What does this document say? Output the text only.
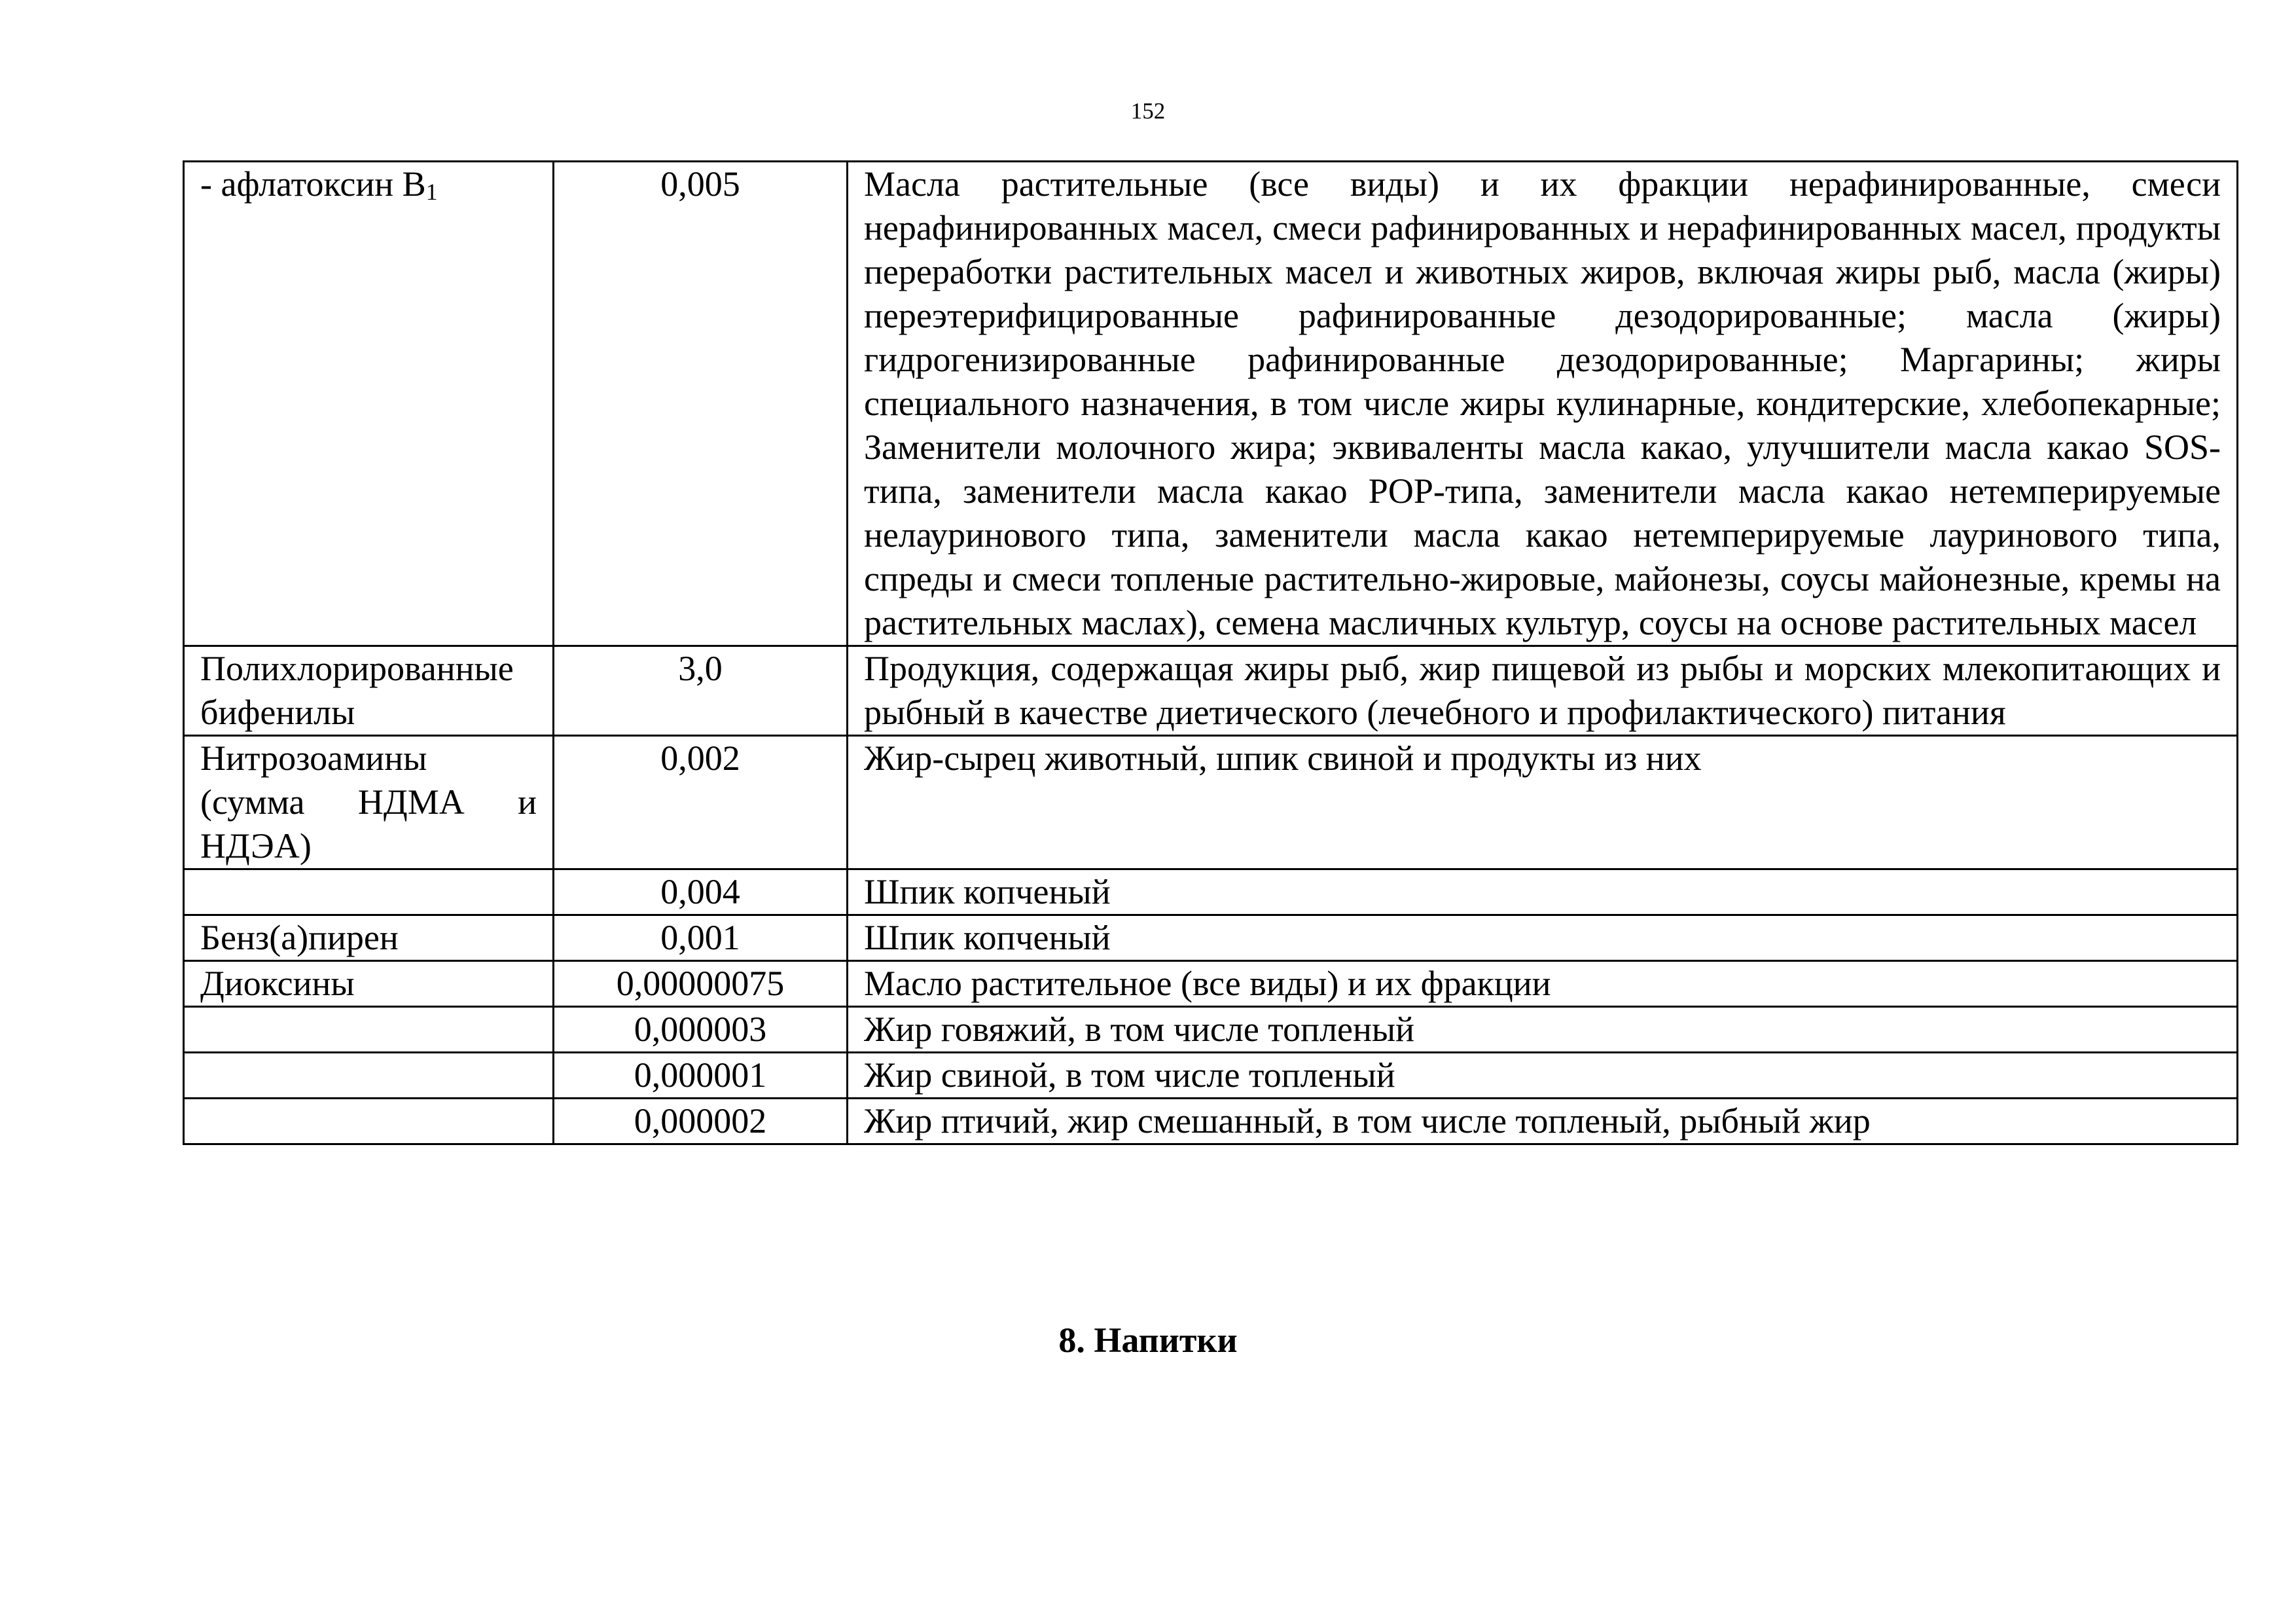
152
- афлатоксин $B_1$	0,005	Масла растительные (все виды) и их фракции нерафинированные, смеси нерафинированных масел, смеси рафинированных и нерафинированных масел, продукты переработки растительных масел и животных жиров, включая жиры рыб, масла (жиры) переэтерифицированные рафинированные дезодорированные; масла (жиры) гидрогенизированные рафинированные дезодорированные; Маргарины; жиры специального назначения, в том числе жиры кулинарные, кондитерские, хлебопекарные; Заменители молочного жира; эквиваленты масла какао, улучшители масла какао SOS-типа, заменители масла какао POP-типа, заменители масла какао нетемперируемые нелауринового типа, заменители масла какао нетемперируемые лауринового типа, спреды и смеси топленые растительно-жировые, майонезы, соусы майонезные, кремы на растительных маслах), семена масличных культур, соусы на основе растительных масел
Полихлорированные бифенилы	3,0	Продукция, содержащая жиры рыб, жир пищевой из рыбы и морских млекопитающих и рыбный в качестве диетического (лечебного и профилактического) питания
Нитрозоамины (сумма НДМА и НДЭА)	0,002	Жир-сырец животный, шпик свиной и продукты из них
	0,004	Шпик копченый
Бенз(а)пирен	0,001	Шпик копченый
Диоксины	0,00000075	Масло растительное (все виды) и их фракции
	0,000003	Жир говяжий, в том числе топленый
	0,000001	Жир свиной, в том числе топленый
	0,000002	Жир птичий, жир смешанный, в том числе топленый, рыбный жир
8. Напитки
